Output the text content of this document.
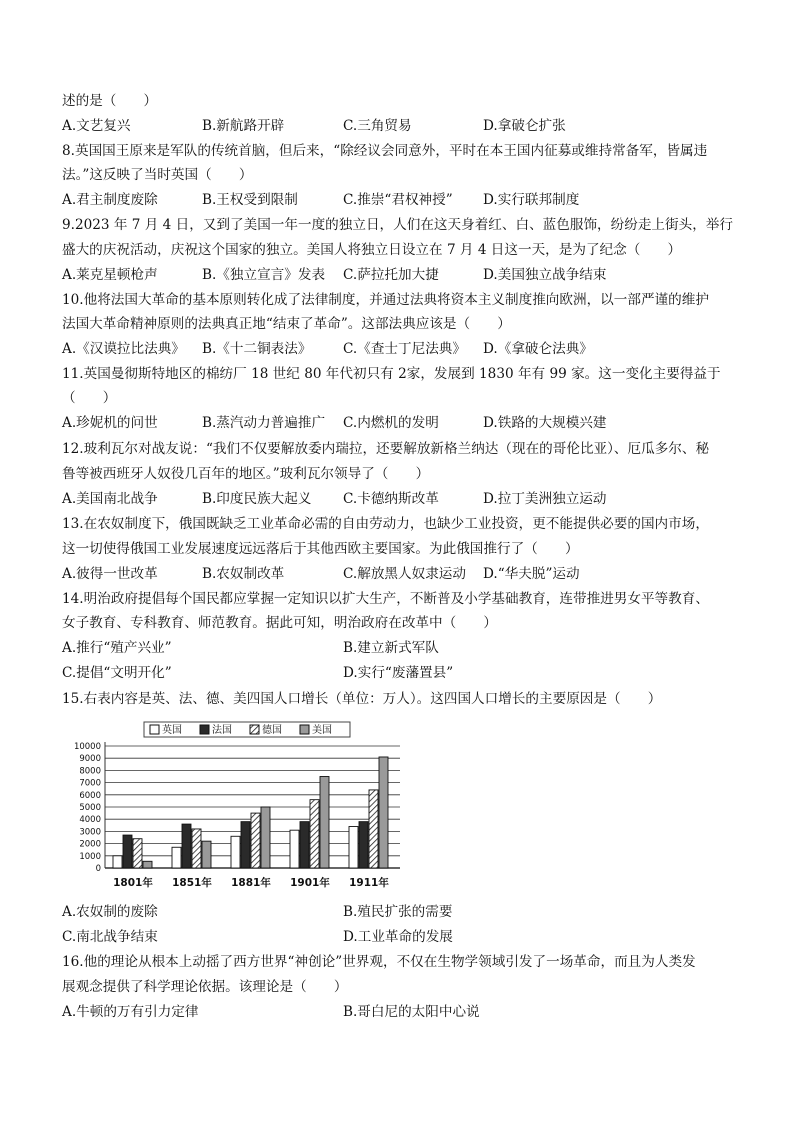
述的是（　　）
A.文艺复兴	B.新航路开辟	C.三角贸易	D.拿破仑扩张
8.英国国王原来是军队的传统首脑，但后来，“除经议会同意外，平时在本王国内征募或维持常备军，皆属违
法。”这反映了当时英国（　　）
A.君主制度废除	B.王权受到限制	C.推崇“君权神授” D.实行联邦制度
9.2023 年 7 月 4 日，又到了美国一年一度的独立日，人们在这天身着红、白、蓝色服饰，纷纷走上街头，举行
盛大的庆祝活动，庆祝这个国家的独立。美国人将独立日设立在 7 月 4 日这一天，是为了纪念（　　）
A.莱克星顿枪声	B.《独立宣言》发表 C.萨拉托加大捷	D.美国独立战争结束
10.他将法国大革命的基本原则转化成了法律制度，并通过法典将资本主义制度推向欧洲，以一部严谨的维护
法国大革命精神原则的法典真正地“结束了革命”。这部法典应该是（　　）
A.《汉谟拉比法典》 B.《十二铜表法》 C.《查士丁尼法典》 D.《拿破仑法典》
11.英国曼彻斯特地区的棉纺厂 18 世纪 80 年代初只有 2家，发展到 1830 年有 99 家。这一变化主要得益于
（　　）
A.珍妮机的问世	B.蒸汽动力普遍推广 C.内燃机的发明	D.铁路的大规模兴建
12.玻利瓦尔对战友说：“我们不仅要解放委内瑞拉，还要解放新格兰纳达（现在的哥伦比亚）、厄瓜多尔、秘
鲁等被西班牙人奴役几百年的地区。”玻利瓦尔领导了（　　）
A.美国南北战争	B.印度民族大起义 C.卡德纳斯改革	D.拉丁美洲独立运动
13.在农奴制度下，俄国既缺乏工业革命必需的自由劳动力，也缺少工业投资，更不能提供必要的国内市场，
这一切使得俄国工业发展速度远远落后于其他西欧主要国家。为此俄国推行了（　　）
A.彼得一世改革	B.农奴制改革	C.解放黑人奴隶运动 D.“华夫脱”运动
14.明治政府提倡每个国民都应掌握一定知识以扩大生产，不断普及小学基础教育，连带推进男女平等教育、
女子教育、专科教育、师范教育。据此可知，明治政府在改革中（　　）
A.推行“殖产兴业”	B.建立新式军队
C.提倡“文明开化”	D.实行“废藩置县”
15.右表内容是英、法、德、美四国人口增长（单位：万人）。这四国人口增长的主要原因是（　　）
英国	法国	德国	美国
0
1000
2000
3000
4000
5000
6000
7000
8000
9000
10000
1801年 1851年 1881年 1901年 1911年
A.农奴制的废除	B.殖民扩张的需要
C.南北战争结束	D.工业革命的发展
16.他的理论从根本上动摇了西方世界“神创论”世界观，不仅在生物学领域引发了一场革命，而且为人类发
展观念提供了科学理论依据。该理论是（　　）
A.牛顿的万有引力定律	B.哥白尼的太阳中心说
